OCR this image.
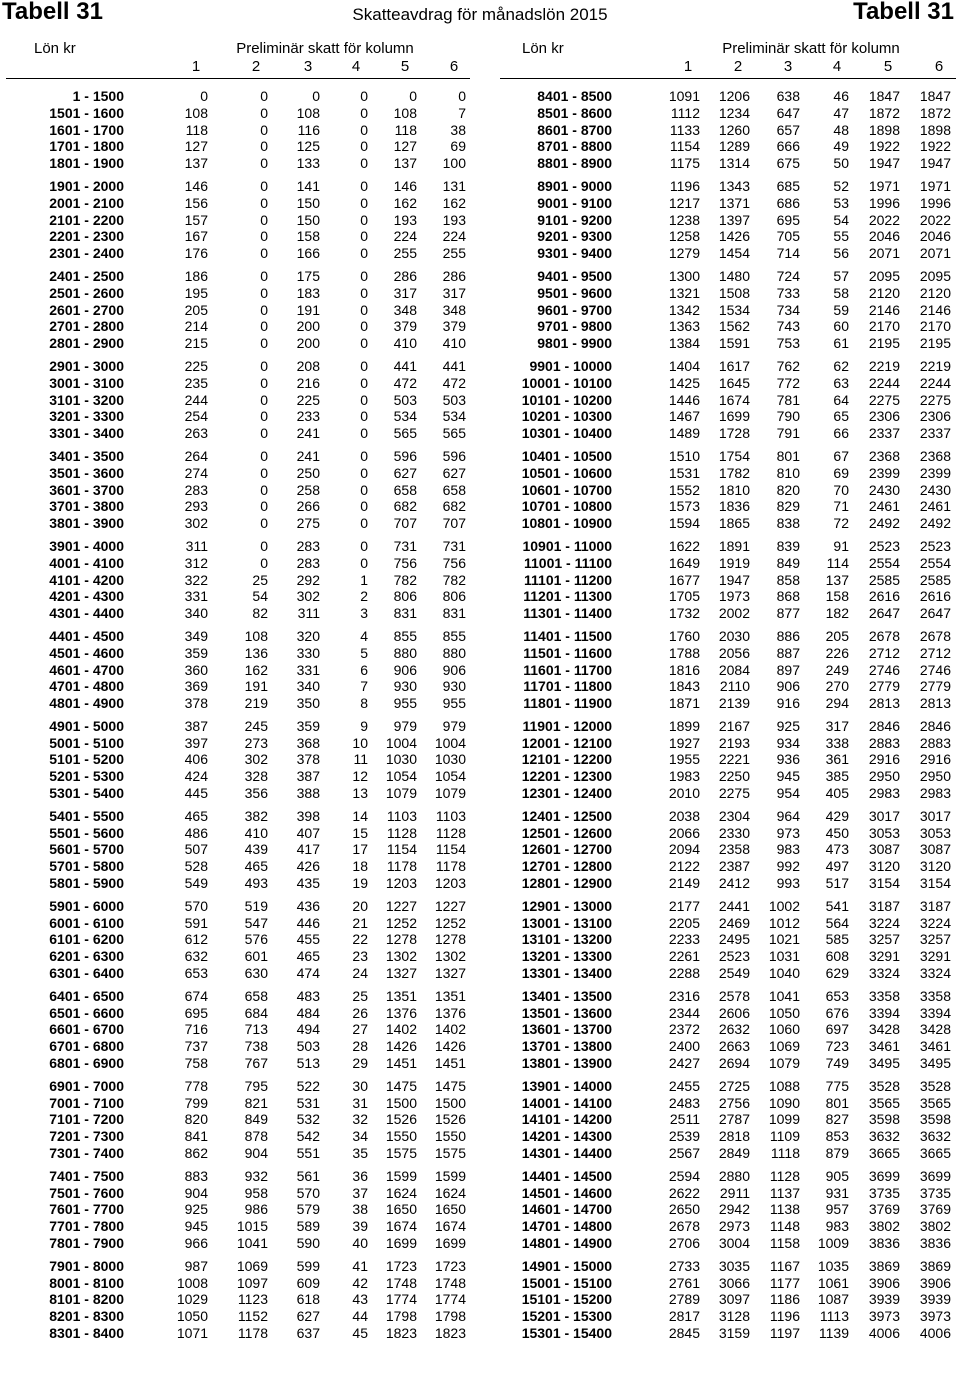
Tabell 31	Skatteavdrag för månadslön 2015	Tabell 31
Lön kr	Preliminär skatt för kolumn
1	2	3	4	5	6
1 - 1500	0	0	0	0	0	0
1501 - 1600	108	0	108	0	108	7
1601 - 1700	118	0	116	0	118	38
1701 - 1800	127	0	125	0	127	69
1801 - 1900	137	0	133	0	137	100
1901 - 2000	146	0	141	0	146	131
2001 - 2100	156	0	150	0	162	162
2101 - 2200	157	0	150	0	193	193
2201 - 2300	167	0	158	0	224	224
2301 - 2400	176	0	166	0	255	255
2401 - 2500	186	0	175	0	286	286
2501 - 2600	195	0	183	0	317	317
2601 - 2700	205	0	191	0	348	348
2701 - 2800	214	0	200	0	379	379
2801 - 2900	215	0	200	0	410	410
2901 - 3000	225	0	208	0	441	441
3001 - 3100	235	0	216	0	472	472
3101 - 3200	244	0	225	0	503	503
3201 - 3300	254	0	233	0	534	534
3301 - 3400	263	0	241	0	565	565
3401 - 3500	264	0	241	0	596	596
3501 - 3600	274	0	250	0	627	627
3601 - 3700	283	0	258	0	658	658
3701 - 3800	293	0	266	0	682	682
3801 - 3900	302	0	275	0	707	707
3901 - 4000	311	0	283	0	731	731
4001 - 4100	312	0	283	0	756	756
4101 - 4200	322	25	292	1	782	782
4201 - 4300	331	54	302	2	806	806
4301 - 4400	340	82	311	3	831	831
4401 - 4500	349	108	320	4	855	855
4501 - 4600	359	136	330	5	880	880
4601 - 4700	360	162	331	6	906	906
4701 - 4800	369	191	340	7	930	930
4801 - 4900	378	219	350	8	955	955
4901 - 5000	387	245	359	9	979	979
5001 - 5100	397	273	368	10	1004	1004
5101 - 5200	406	302	378	11	1030	1030
5201 - 5300	424	328	387	12	1054	1054
5301 - 5400	445	356	388	13	1079	1079
5401 - 5500	465	382	398	14	1103	1103
5501 - 5600	486	410	407	15	1128	1128
5601 - 5700	507	439	417	17	1154	1154
5701 - 5800	528	465	426	18	1178	1178
5801 - 5900	549	493	435	19	1203	1203
5901 - 6000	570	519	436	20	1227	1227
6001 - 6100	591	547	446	21	1252	1252
6101 - 6200	612	576	455	22	1278	1278
6201 - 6300	632	601	465	23	1302	1302
6301 - 6400	653	630	474	24	1327	1327
6401 - 6500	674	658	483	25	1351	1351
6501 - 6600	695	684	484	26	1376	1376
6601 - 6700	716	713	494	27	1402	1402
6701 - 6800	737	738	503	28	1426	1426
6801 - 6900	758	767	513	29	1451	1451
6901 - 7000	778	795	522	30	1475	1475
7001 - 7100	799	821	531	31	1500	1500
7101 - 7200	820	849	532	32	1526	1526
7201 - 7300	841	878	542	34	1550	1550
7301 - 7400	862	904	551	35	1575	1575
7401 - 7500	883	932	561	36	1599	1599
7501 - 7600	904	958	570	37	1624	1624
7601 - 7700	925	986	579	38	1650	1650
7701 - 7800	945	1015	589	39	1674	1674
7801 - 7900	966	1041	590	40	1699	1699
7901 - 8000	987	1069	599	41	1723	1723
8001 - 8100	1008	1097	609	42	1748	1748
8101 - 8200	1029	1123	618	43	1774	1774
8201 - 8300	1050	1152	627	44	1798	1798
8301 - 8400	1071	1178	637	45	1823	1823
Lön kr	Preliminär skatt för kolumn
1	2	3	4	5	6
8401 - 8500	1091	1206	638	46	1847	1847
8501 - 8600	1112	1234	647	47	1872	1872
8601 - 8700	1133	1260	657	48	1898	1898
8701 - 8800	1154	1289	666	49	1922	1922
8801 - 8900	1175	1314	675	50	1947	1947
8901 - 9000	1196	1343	685	52	1971	1971
9001 - 9100	1217	1371	686	53	1996	1996
9101 - 9200	1238	1397	695	54	2022	2022
9201 - 9300	1258	1426	705	55	2046	2046
9301 - 9400	1279	1454	714	56	2071	2071
9401 - 9500	1300	1480	724	57	2095	2095
9501 - 9600	1321	1508	733	58	2120	2120
9601 - 9700	1342	1534	734	59	2146	2146
9701 - 9800	1363	1562	743	60	2170	2170
9801 - 9900	1384	1591	753	61	2195	2195
9901 - 10000	1404	1617	762	62	2219	2219
10001 - 10100	1425	1645	772	63	2244	2244
10101 - 10200	1446	1674	781	64	2275	2275
10201 - 10300	1467	1699	790	65	2306	2306
10301 - 10400	1489	1728	791	66	2337	2337
10401 - 10500	1510	1754	801	67	2368	2368
10501 - 10600	1531	1782	810	69	2399	2399
10601 - 10700	1552	1810	820	70	2430	2430
10701 - 10800	1573	1836	829	71	2461	2461
10801 - 10900	1594	1865	838	72	2492	2492
10901 - 11000	1622	1891	839	91	2523	2523
11001 - 11100	1649	1919	849	114	2554	2554
11101 - 11200	1677	1947	858	137	2585	2585
11201 - 11300	1705	1973	868	158	2616	2616
11301 - 11400	1732	2002	877	182	2647	2647
11401 - 11500	1760	2030	886	205	2678	2678
11501 - 11600	1788	2056	887	226	2712	2712
11601 - 11700	1816	2084	897	249	2746	2746
11701 - 11800	1843	2110	906	270	2779	2779
11801 - 11900	1871	2139	916	294	2813	2813
11901 - 12000	1899	2167	925	317	2846	2846
12001 - 12100	1927	2193	934	338	2883	2883
12101 - 12200	1955	2221	936	361	2916	2916
12201 - 12300	1983	2250	945	385	2950	2950
12301 - 12400	2010	2275	954	405	2983	2983
12401 - 12500	2038	2304	964	429	3017	3017
12501 - 12600	2066	2330	973	450	3053	3053
12601 - 12700	2094	2358	983	473	3087	3087
12701 - 12800	2122	2387	992	497	3120	3120
12801 - 12900	2149	2412	993	517	3154	3154
12901 - 13000	2177	2441	1002	541	3187	3187
13001 - 13100	2205	2469	1012	564	3224	3224
13101 - 13200	2233	2495	1021	585	3257	3257
13201 - 13300	2261	2523	1031	608	3291	3291
13301 - 13400	2288	2549	1040	629	3324	3324
13401 - 13500	2316	2578	1041	653	3358	3358
13501 - 13600	2344	2606	1050	676	3394	3394
13601 - 13700	2372	2632	1060	697	3428	3428
13701 - 13800	2400	2663	1069	723	3461	3461
13801 - 13900	2427	2694	1079	749	3495	3495
13901 - 14000	2455	2725	1088	775	3528	3528
14001 - 14100	2483	2756	1090	801	3565	3565
14101 - 14200	2511	2787	1099	827	3598	3598
14201 - 14300	2539	2818	1109	853	3632	3632
14301 - 14400	2567	2849	1118	879	3665	3665
14401 - 14500	2594	2880	1128	905	3699	3699
14501 - 14600	2622	2911	1137	931	3735	3735
14601 - 14700	2650	2942	1138	957	3769	3769
14701 - 14800	2678	2973	1148	983	3802	3802
14801 - 14900	2706	3004	1158	1009	3836	3836
14901 - 15000	2733	3035	1167	1035	3869	3869
15001 - 15100	2761	3066	1177	1061	3906	3906
15101 - 15200	2789	3097	1186	1087	3939	3939
15201 - 15300	2817	3128	1196	1113	3973	3973
15301 - 15400	2845	3159	1197	1139	4006	4006
